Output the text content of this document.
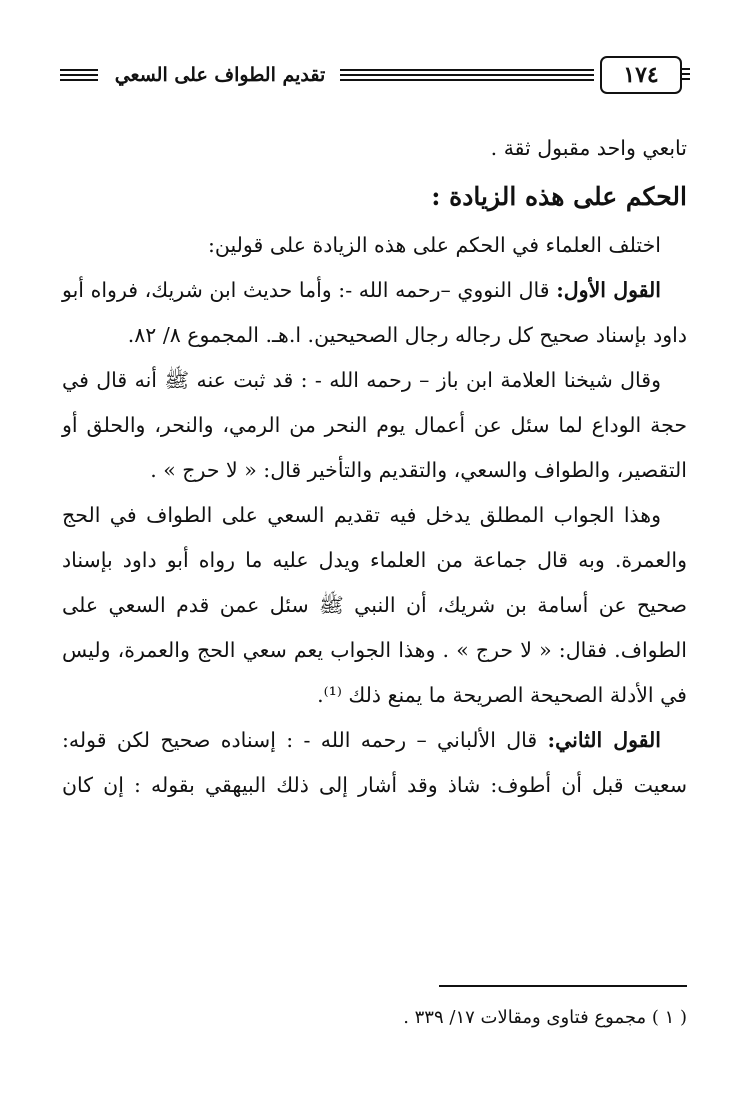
تقديم الطواف على السعي	١٧٤

تابعي واحد مقبول ثقة .

الحكم على هذه الزيادة :

اختلف العلماء في الحكم على هذه الزيادة على قولين:

القول الأول: قال النووي –رحمه الله -: وأما حديث ابن شريك، فرواه أبو داود بإسناد صحيح كل رجاله رجال الصحيحين. ا.هـ. المجموع ٨/ ٨٢.

وقال شيخنا العلامة ابن باز – رحمه الله - : قد ثبت عنه ﷺ أنه قال في حجة الوداع لما سئل عن أعمال يوم النحر من الرمي، والنحر، والحلق أو التقصير، والطواف والسعي، والتقديم والتأخير قال: « لا حرج » .

وهذا الجواب المطلق يدخل فيه تقديم السعي على الطواف في الحج والعمرة. وبه قال جماعة من العلماء ويدل عليه ما رواه أبو داود بإسناد صحيح عن أسامة بن شريك، أن النبي ﷺ سئل عمن قدم السعي على الطواف. فقال: « لا حرج » . وهذا الجواب يعم سعي الحج والعمرة، وليس في الأدلة الصحيحة الصريحة ما يمنع ذلك ⁽¹⁾.

القول الثاني: قال الألباني – رحمه الله - : إسناده صحيح لكن قوله: سعيت قبل أن أطوف: شاذ وقد أشار إلى ذلك البيهقي بقوله : إن كان

( ١ ) مجموع فتاوى ومقالات ١٧/ ٣٣٩ .
